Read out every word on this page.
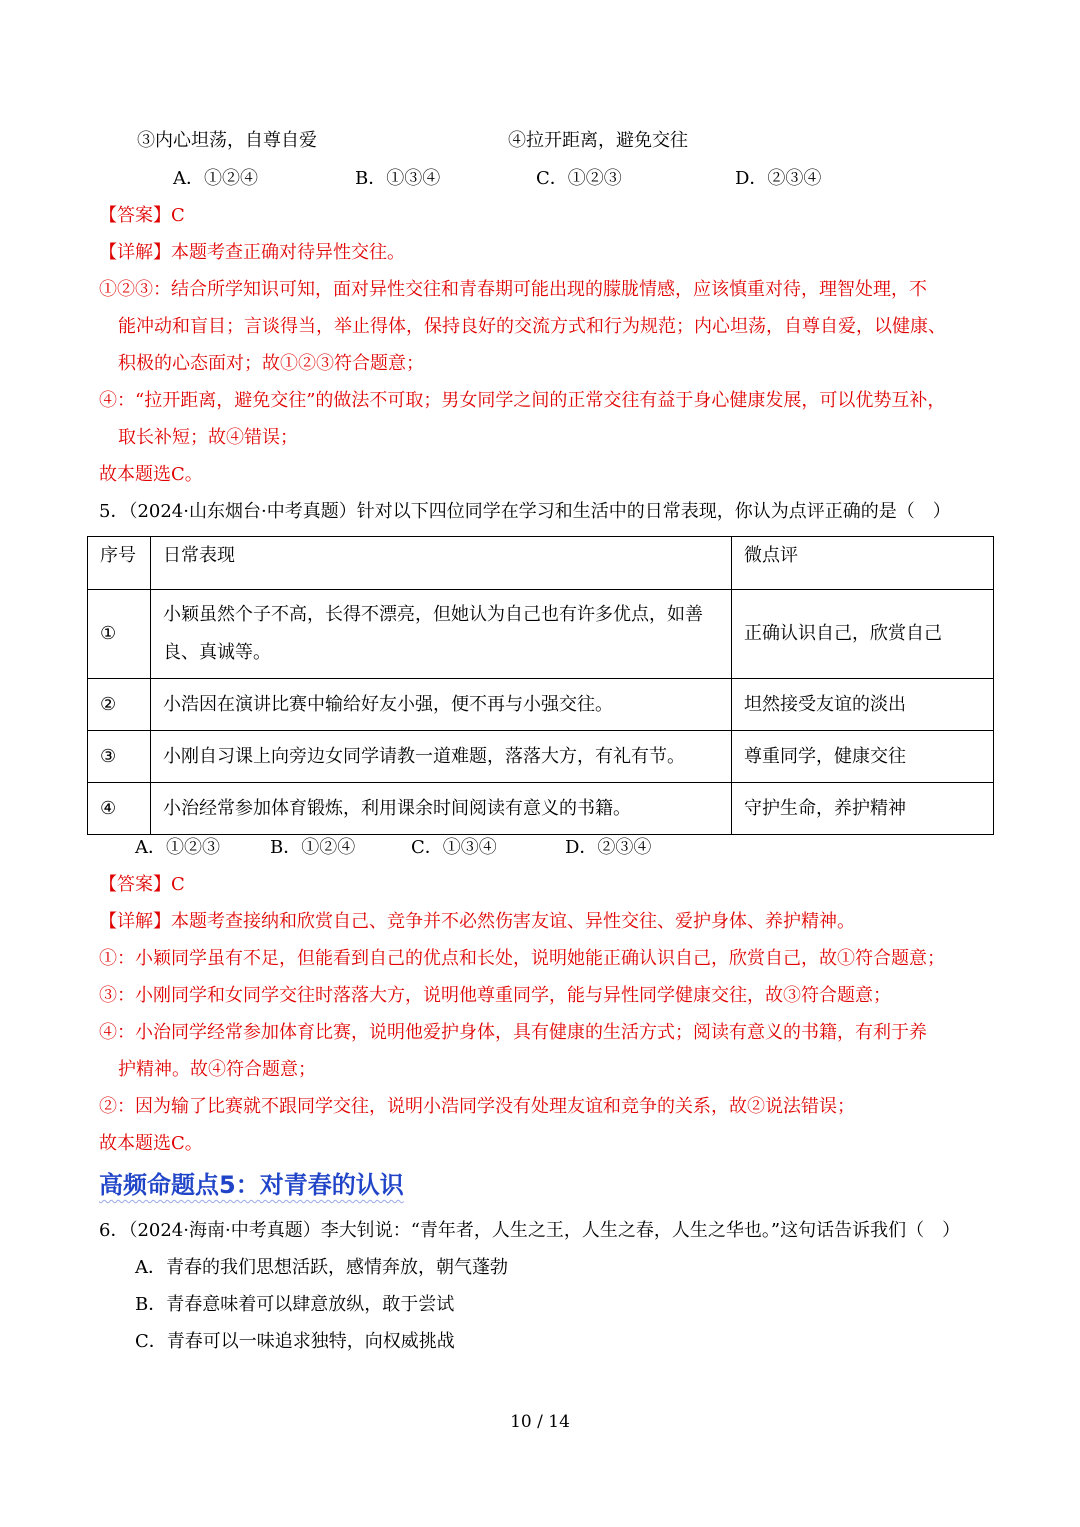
③内心坦荡，自尊自爱	④拉开距离，避免交往
A．①②④	B．①③④	C．①②③	D．②③④
【答案】C
【详解】本题考查正确对待异性交往。
①②③：结合所学知识可知，面对异性交往和青春期可能出现的朦胧情感，应该慎重对待，理智处理，不
能冲动和盲目；言谈得当，举止得体，保持良好的交流方式和行为规范；内心坦荡，自尊自爱，以健康、
积极的心态面对；故①②③符合题意；
④：“拉开距离，避免交往”的做法不可取；男女同学之间的正常交往有益于身心健康发展，可以优势互补，
取长补短；故④错误；
故本题选C。
5．（2024·山东烟台·中考真题）针对以下四位同学在学习和生活中的日常表现，你认为点评正确的是（　）
序号	日常表现	微点评
①	小颖虽然个子不高，长得不漂亮，但她认为自己也有许多优点，如善良、真诚等。	正确认识自己，欣赏自己
②	小浩因在演讲比赛中输给好友小强，便不再与小强交往。	坦然接受友谊的淡出
③	小刚自习课上向旁边女同学请教一道难题，落落大方，有礼有节。	尊重同学，健康交往
④	小治经常参加体育锻炼，利用课余时间阅读有意义的书籍。	守护生命，养护精神
A．①②③	B．①②④	C．①③④	D．②③④
【答案】C
【详解】本题考查接纳和欣赏自己、竞争并不必然伤害友谊、异性交往、爱护身体、养护精神。
①：小颖同学虽有不足，但能看到自己的优点和长处，说明她能正确认识自己，欣赏自己，故①符合题意；
③：小刚同学和女同学交往时落落大方，说明他尊重同学，能与异性同学健康交往，故③符合题意；
④：小治同学经常参加体育比赛，说明他爱护身体，具有健康的生活方式；阅读有意义的书籍，有利于养
护精神。故④符合题意；
②：因为输了比赛就不跟同学交往，说明小浩同学没有处理友谊和竞争的关系，故②说法错误；
故本题选C。
高频命题点5：对青春的认识
6．（2024·海南·中考真题）李大钊说：“青年者，人生之王，人生之春，人生之华也。”这句话告诉我们（　）
A．青春的我们思想活跃，感情奔放，朝气蓬勃
B．青春意味着可以肆意放纵，敢于尝试
C．青春可以一味追求独特，向权威挑战
10 / 14
